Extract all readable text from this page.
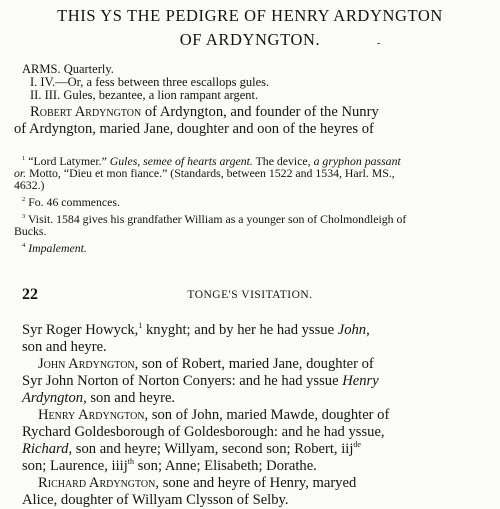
THIS YS THE PEDIGRE OF HENRY ARDYNGTON
OF ARDYNGTON.	-
ARMS. Quarterly.
I. IV.—Or, a fess between three escallops gules.
II. III. Gules, bezantee, a lion rampant argent.
Robert Ardyngton of Ardyngton, and founder of the Nunry
of Ardyngton, maried Jane, doughter and oon of the heyres of
$^1$ “Lord Latymer.” Gules, semee of hearts argent. The device, a gryphon passant
or. Motto, “Dieu et mon fiance.” (Standards, between 1522 and 1534, Harl. MS.,
4632.)
$^2$ Fo. 46 commences.
$^3$ Visit. 1584 gives his grandfather William as a younger son of Cholmondleigh of
Bucks.
$^4$ Impalement.
22	TONGE'S VISITATION.
Syr Roger Howyck,$^1$ knyght; and by her he had yssue John,
son and heyre.
John Ardyngton, son of Robert, maried Jane, doughter of
Syr John Norton of Norton Conyers: and he had yssue Henry
Ardyngton, son and heyre.
Henry Ardyngton, son of John, maried Mawde, doughter of
Rychard Goldesborough of Goldesborough: and he had yssue,
Richard, son and heyre; Willyam, second son; Robert, iij$^{de}$
son; Laurence, iiij$^{th}$ son; Anne; Elisabeth; Dorathe.
Richard Ardyngton, sone and heyre of Henry, maryed
Alice, doughter of Willyam Clysson of Selby.
